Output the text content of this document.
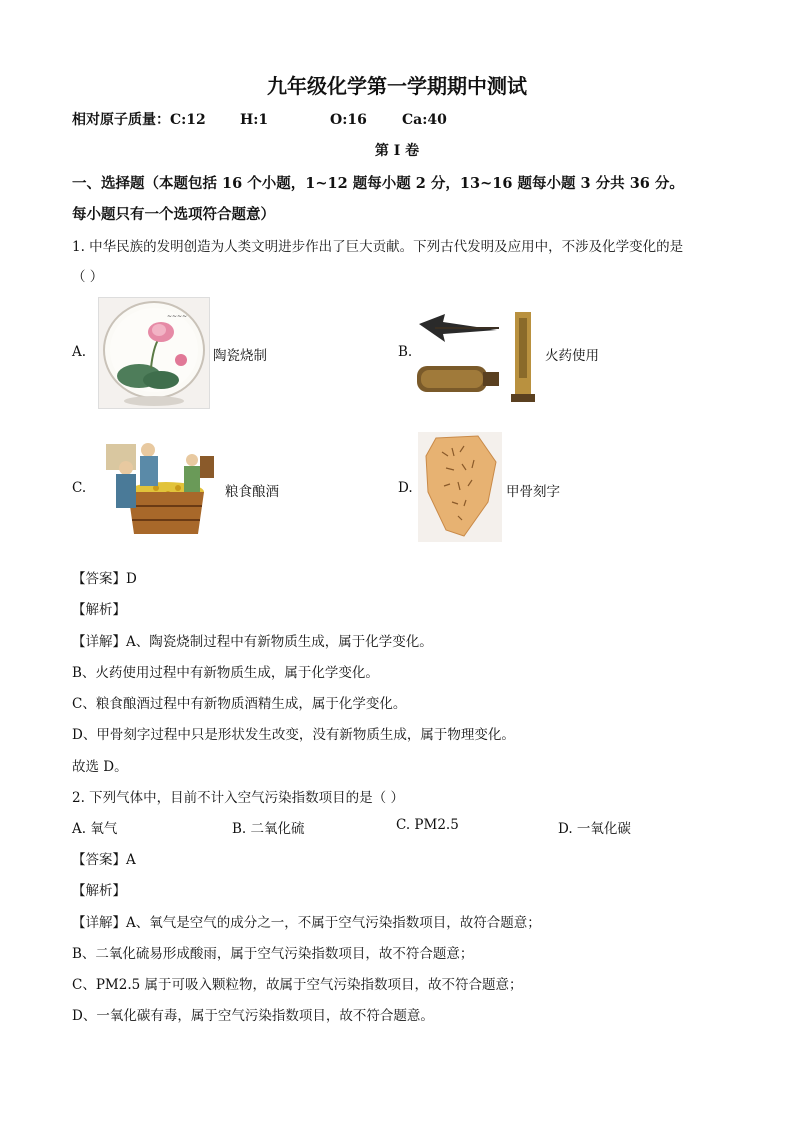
九年级化学第一学期期中测试
相对原子质量：C:12 H:1	O:16	Ca:40
第 I 卷
一、选择题（本题包括 16 个小题，1~12 题每小题 2 分，13~16 题每小题 3 分共 36 分。
每小题只有一个选项符合题意）
1. 中华民族的发明创造为人类文明进步作出了巨大贡献。下列古代发明及应用中，不涉及化学变化的是
（ ）
A.
~~~~
陶瓷烧制	B.	火药使用
C.	粮食酿酒	D.	甲骨刻字
【答案】D
【解析】
【详解】A、陶瓷烧制过程中有新物质生成，属于化学变化。
B、火药使用过程中有新物质生成，属于化学变化。
C、粮食酿酒过程中有新物质酒精生成，属于化学变化。
D、甲骨刻字过程中只是形状发生改变，没有新物质生成，属于物理变化。
故选 D。
2. 下列气体中，目前不计入空气污染指数项目的是（ ）
A. 氧气	B. 二氧化硫	C. PM2.5	D. 一氧化碳
【答案】A
【解析】
【详解】A、氧气是空气的成分之一，不属于空气污染指数项目，故符合题意；
B、二氧化硫易形成酸雨，属于空气污染指数项目，故不符合题意；
C、PM2.5 属于可吸入颗粒物，故属于空气污染指数项目，故不符合题意；
D、一氧化碳有毒，属于空气污染指数项目，故不符合题意。
